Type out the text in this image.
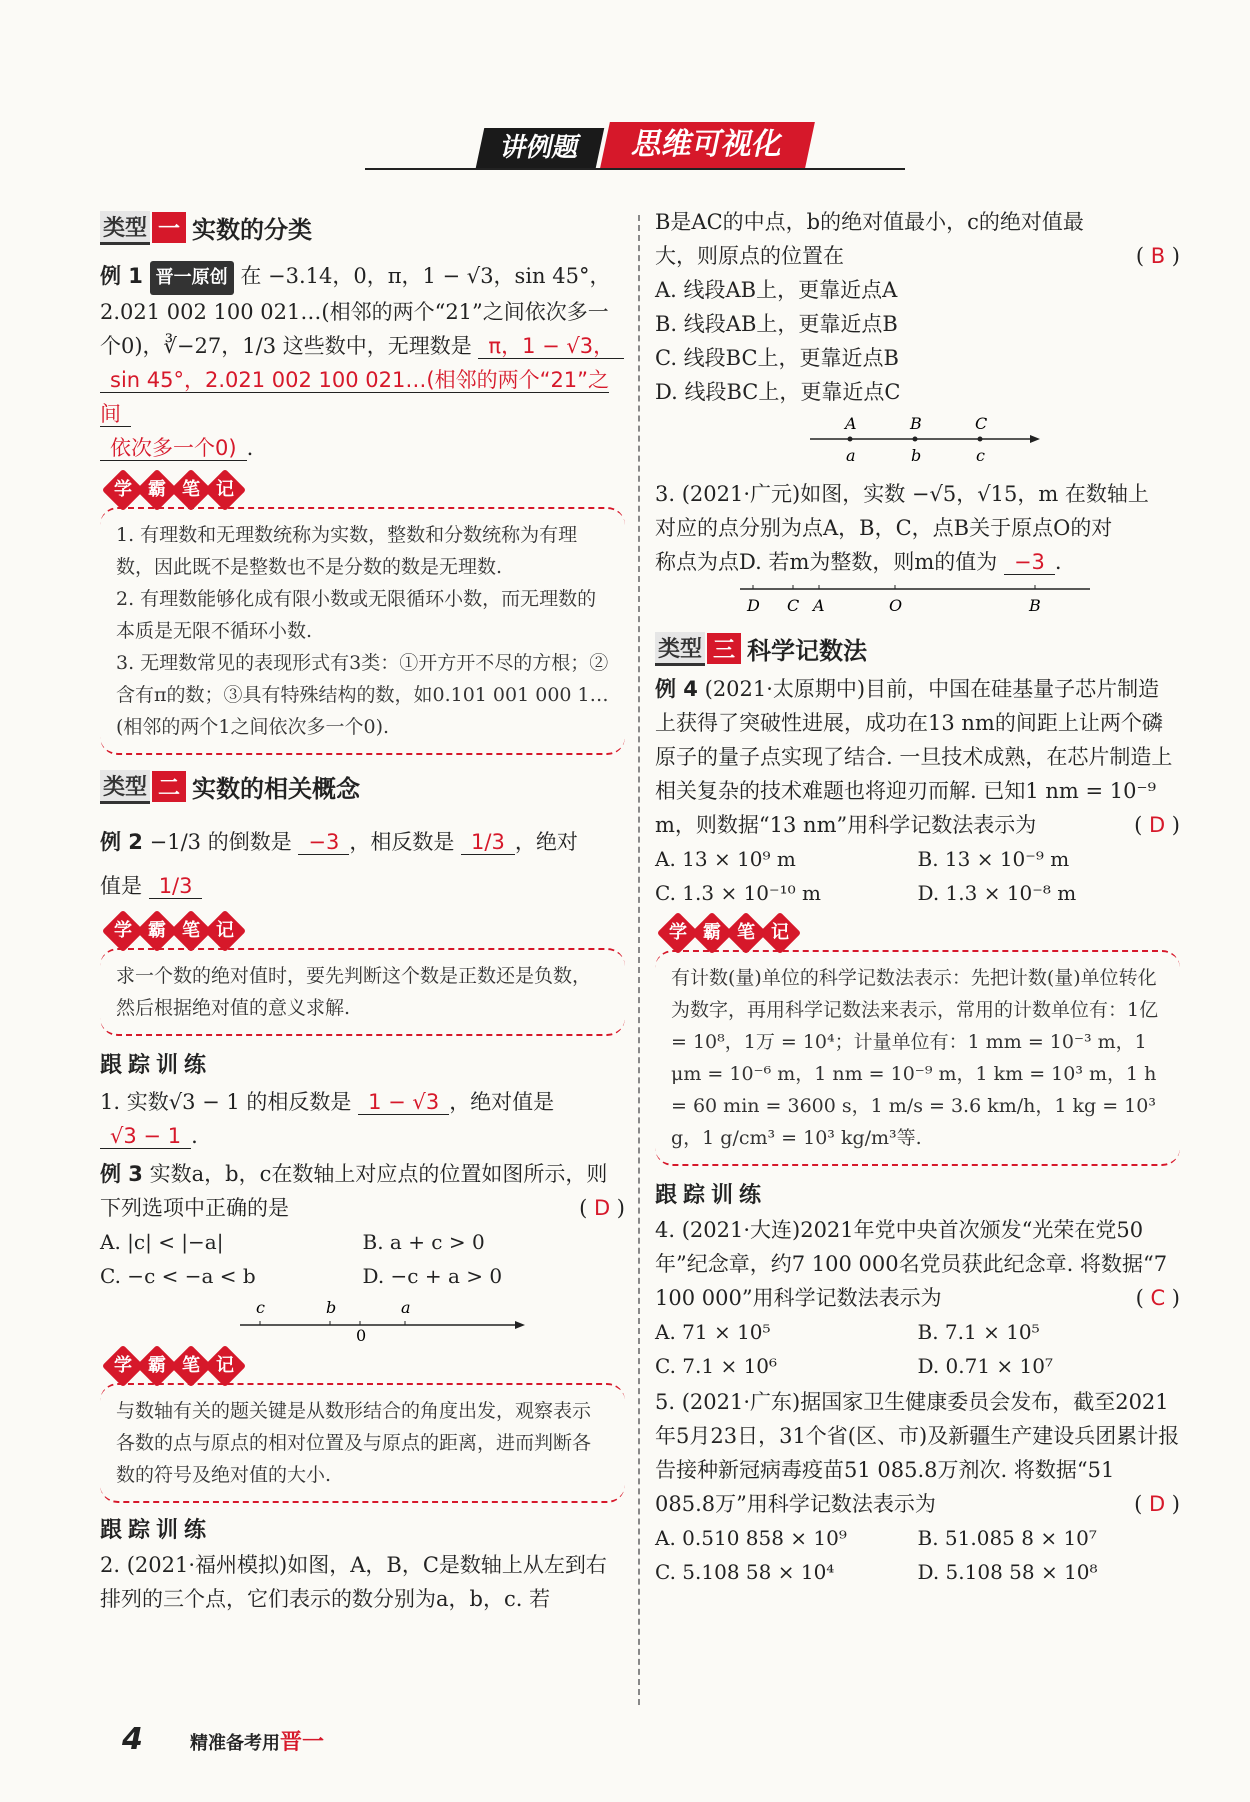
讲例题	思维可视化
类型 一 实数的分类
例 1 晋一原创 在 −3.14，0，π，1 − √3，sin 45°，
2.021 002 100 021…(相邻的两个“21”之间依次多一
个0)，∛−27，1/3 这些数中，无理数是 π，1 − √3，
sin 45°，2.021 002 100 021…(相邻的两个“21”之间
依次多一个0) .
学 霸 笔 记
1. 有理数和无理数统称为实数，整数和分数统称为有理数，因此既不是整数也不是分数的数是无理数.
2. 有理数能够化成有限小数或无限循环小数，而无理数的本质是无限不循环小数.
3. 无理数常见的表现形式有3类：①开方开不尽的方根；②含有π的数；③具有特殊结构的数，如0.101 001 000 1…(相邻的两个1之间依次多一个0).
类型 二 实数的相关概念
例 2 −1/3 的倒数是 −3 ，相反数是 1/3 ，绝对
值是 1/3
学 霸 笔 记
求一个数的绝对值时，要先判断这个数是正数还是负数，然后根据绝对值的意义求解.
跟踪训练
1. 实数√3 − 1 的相反数是 1 − √3 ，绝对值是
√3 − 1 .
例 3 实数a，b，c在数轴上对应点的位置如图所示，则下列选项中正确的是	( D )
A. |c| < |−a|	B. a + c > 0
C. −c < −a < b	D. −c + a > 0
c	b
0
a
学 霸 笔 记
与数轴有关的题关键是从数形结合的角度出发，观察表示各数的点与原点的相对位置及与原点的距离，进而判断各数的符号及绝对值的大小.
跟踪训练
2. (2021·福州模拟)如图，A，B，C是数轴上从左到右排列的三个点，它们表示的数分别为a，b，c. 若
B是AC的中点，b的绝对值最小，c的绝对值最
大，则原点的位置在	( B )
A. 线段AB上，更靠近点A
B. 线段AB上，更靠近点B
C. 线段BC上，更靠近点B
D. 线段BC上，更靠近点C
A	B	C
a	b	c
3. (2021·广元)如图，实数 −√5，√15，m 在数轴上
对应的点分别为点A，B，C，点B关于原点O的对
称点为点D. 若m为整数，则m的值为 −3 .
D C A	O	B
类型 三 科学记数法
例 4 (2021·太原期中)目前，中国在硅基量子芯片制造上获得了突破性进展，成功在13 nm的间距上让两个磷原子的量子点实现了结合. 一旦技术成熟，在芯片制造上相关复杂的技术难题也将迎刃而解. 已知1 nm = 10⁻⁹ m，则数据“13 nm”用科学记数法表示为	( D )
A. 13 × 10⁹ m	B. 13 × 10⁻⁹ m
C. 1.3 × 10⁻¹⁰ m	D. 1.3 × 10⁻⁸ m
学 霸 笔 记
有计数(量)单位的科学记数法表示：先把计数(量)单位转化为数字，再用科学记数法来表示，常用的计数单位有：1亿 = 10⁸，1万 = 10⁴；计量单位有：1 mm = 10⁻³ m，1 μm = 10⁻⁶ m，1 nm = 10⁻⁹ m，1 km = 10³ m，1 h = 60 min = 3600 s，1 m/s = 3.6 km/h，1 kg = 10³ g，1 g/cm³ = 10³ kg/m³等.
跟踪训练
4. (2021·大连)2021年党中央首次颁发“光荣在党50年”纪念章，约7 100 000名党员获此纪念章. 将数据“7 100 000”用科学记数法表示为	( C )
A. 71 × 10⁵	B. 7.1 × 10⁵
C. 7.1 × 10⁶	D. 0.71 × 10⁷
5. (2021·广东)据国家卫生健康委员会发布，截至2021年5月23日，31个省(区、市)及新疆生产建设兵团累计报告接种新冠病毒疫苗51 085.8万剂次. 将数据“51 085.8万”用科学记数法表示为	( D )
A. 0.510 858 × 10⁹	B. 51.085 8 × 10⁷
C. 5.108 58 × 10⁴	D. 5.108 58 × 10⁸
4	精准备考用晋一
